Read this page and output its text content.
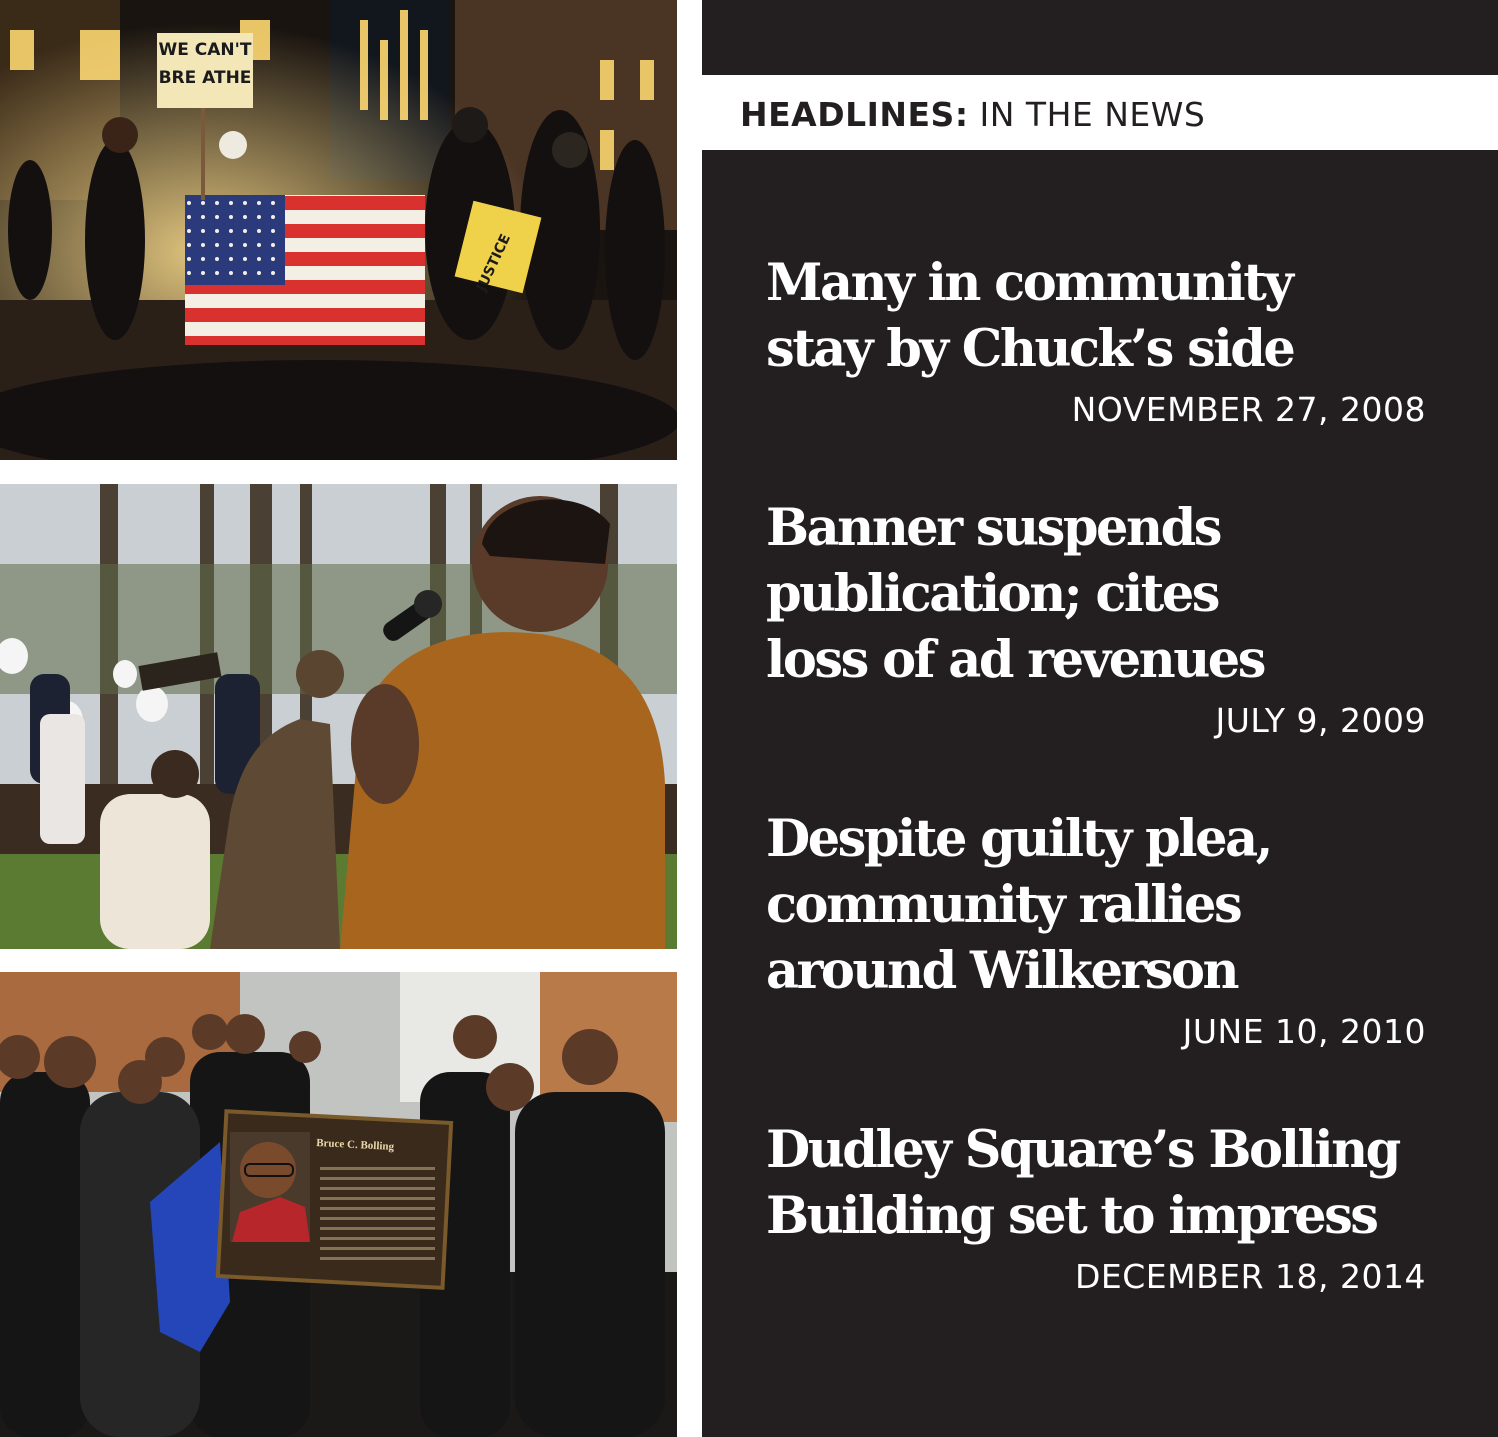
WE CAN'T
BRE ATHE
JUSTICE
Bruce C. Bolling
HEADLINES: IN THE NEWS
Many in community
stay by Chuck’s side
NOVEMBER 27, 2008
Banner suspends
publication; cites
loss of ad revenues
JULY 9, 2009
Despite guilty plea,
community rallies
around Wilkerson
JUNE 10, 2010
Dudley Square’s Bolling
Building set to impress
DECEMBER 18, 2014
